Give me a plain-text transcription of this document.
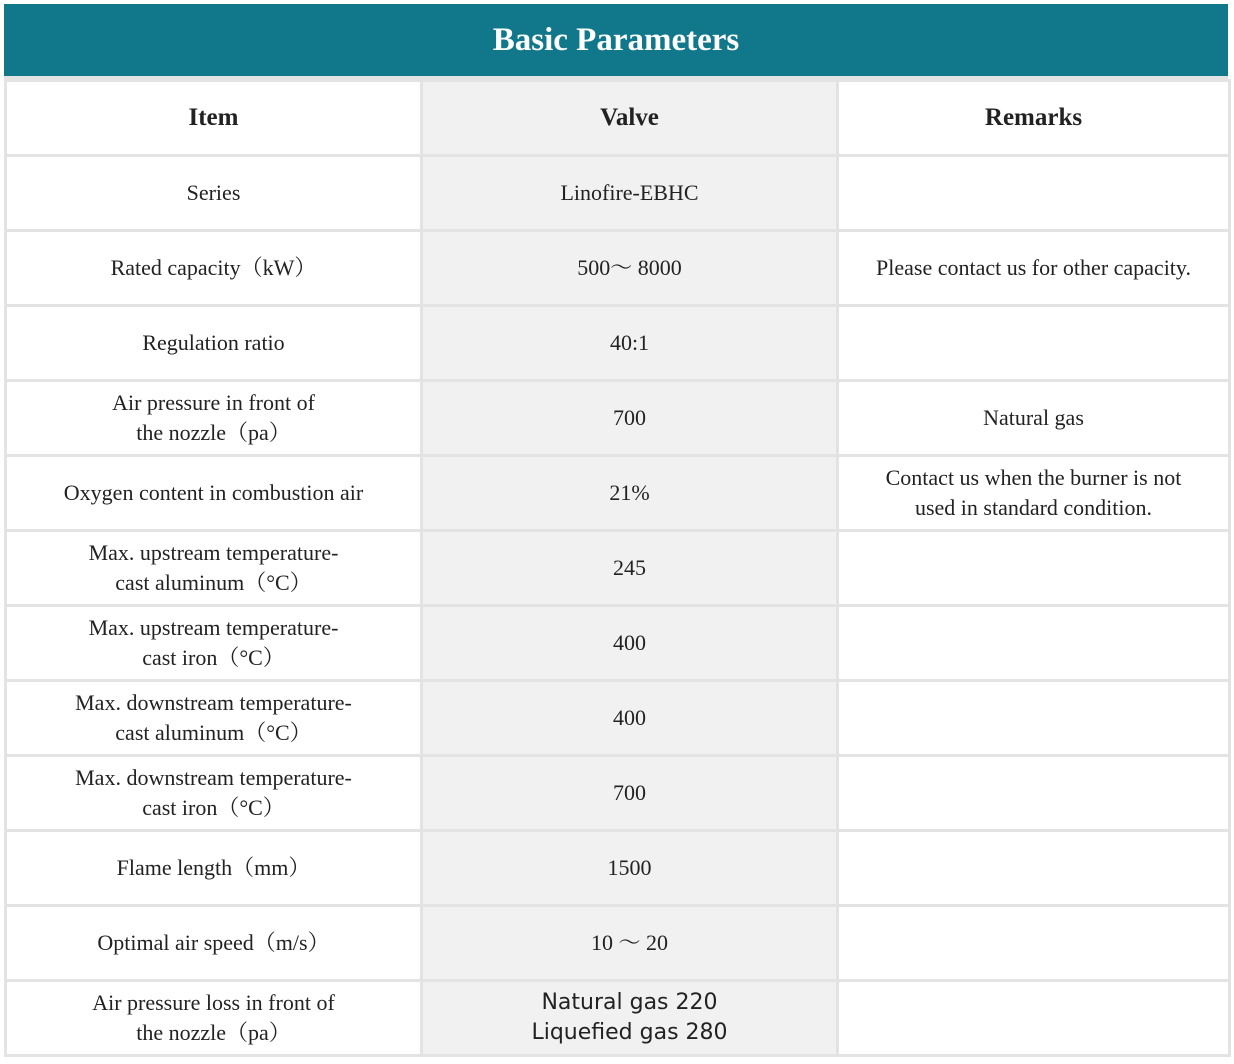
Basic Parameters
Item	Valve	Remarks
Series	Linofire-EBHC	
Rated capacity（kW）	500～ 8000	Please contact us for other capacity.
Regulation ratio	40:1	
Air pressure in front of
the nozzle（pa）	700	Natural gas
Oxygen content in combustion air	21%	Contact us when the burner is not
used in standard condition.
Max. upstream temperature-
cast aluminum（°C）	245	
Max. upstream temperature-
cast iron（°C）	400	
Max. downstream temperature-
cast aluminum（°C）	400	
Max. downstream temperature-
cast iron（°C）	700	
Flame length（mm）	1500	
Optimal air speed（m/s）	10 ～ 20	
Air pressure loss in front of
the nozzle（pa）	Natural gas 220
Liquefied gas 280	
